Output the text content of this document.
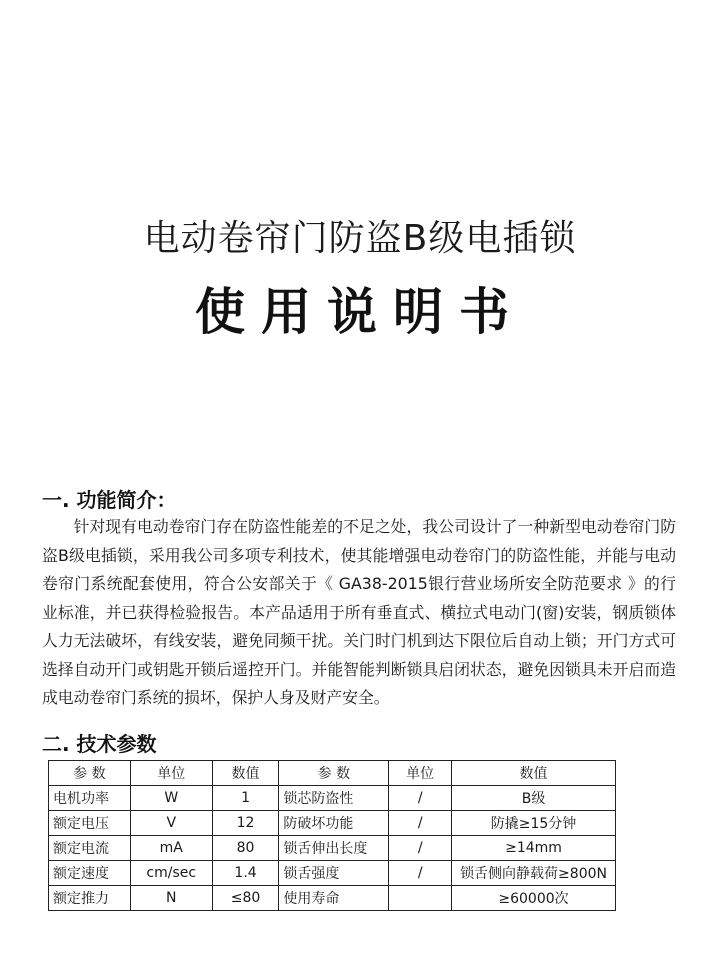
电动卷帘门防盗B级电插锁
使用说明书
一. 功能简介：
针对现有电动卷帘门存在防盗性能差的不足之处，我公司设计了一种新型电动卷帘门防盗B级电插锁，采用我公司多项专利技术，使其能增强电动卷帘门的防盗性能，并能与电动卷帘门系统配套使用，符合公安部关于《 GA38-2015银行营业场所安全防范要求 》的行业标准，并已获得检验报告。本产品适用于所有垂直式、横拉式电动门(窗)安装，钢质锁体人力无法破坏，有线安装，避免同频干扰。关门时门机到达下限位后自动上锁；开门方式可选择自动开门或钥匙开锁后遥控开门。并能智能判断锁具启闭状态，避免因锁具未开启而造成电动卷帘门系统的损坏，保护人身及财产安全。
二. 技术参数
参 数	单位	数值	参 数	单位	数值
电机功率	W	1	锁芯防盗性	/	B级
额定电压	V	12	防破坏功能	/	防撬≥15分钟
额定电流	mA	80	锁舌伸出长度	/	≥14mm
额定速度	cm/sec	1.4	锁舌强度	/	锁舌侧向静载荷≥800N
额定推力	N	≤80	使用寿命		≥60000次
